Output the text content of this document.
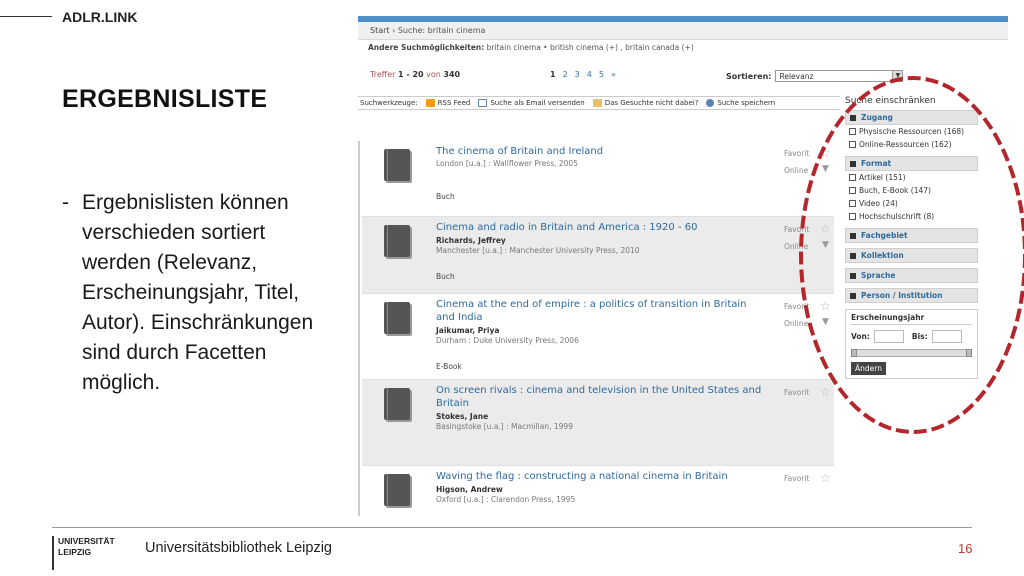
ADLR.LINK
ERGEBNISLISTE
- Ergebnislisten können verschieden sortiert werden (Relevanz, Erscheinungsjahr, Titel, Autor). Einschränkungen sind durch Facetten möglich.
Start › Suche: britain cinema
Andere Suchmöglichkeiten: britain cinema • british cinema (+) , britain canada (+)
Treffer 1 - 20 von 340	1 2 3 4 5 »	Sortieren:	Relevanz	▼
Suchwerkzeuge:	RSS Feed	Suche als Email versenden	Das Gesuchte nicht dabei?	Suche speichern
The cinema of Britain and Ireland
London [u.a.] : Wallflower Press, 2005
Buch
Favorit ☆
Online ▼
Cinema and radio in Britain and America : 1920 - 60
Richards, Jeffrey
Manchester [u.a.] : Manchester University Press, 2010
Buch
Favorit ☆
Online ▼
Cinema at the end of empire : a politics of transition in Britain and India
Jaikumar, Priya
Durham : Duke University Press, 2006
E-Book
Favorit ☆
Online ▼
On screen rivals : cinema and television in the United States and Britain
Stokes, Jane
Basingstoke [u.a.] : Macmillan, 1999
Favorit ☆
Waving the flag : constructing a national cinema in Britain
Higson, Andrew
Oxford [u.a.] : Clarendon Press, 1995
Favorit ☆
Suche einschränken
Zugang
Physische Ressourcen (168)
Online-Ressourcen (162)
Format
Artikel (151)
Buch, E-Book (147)
Video (24)
Hochschulschrift (8)
Fachgebiet
Kollektion
Sprache
Person / Institution
Erscheinungsjahr
Von:	Bis:
Ändern
UNIVERSITÄT
LEIPZIG	Universitätsbibliothek Leipzig	16
